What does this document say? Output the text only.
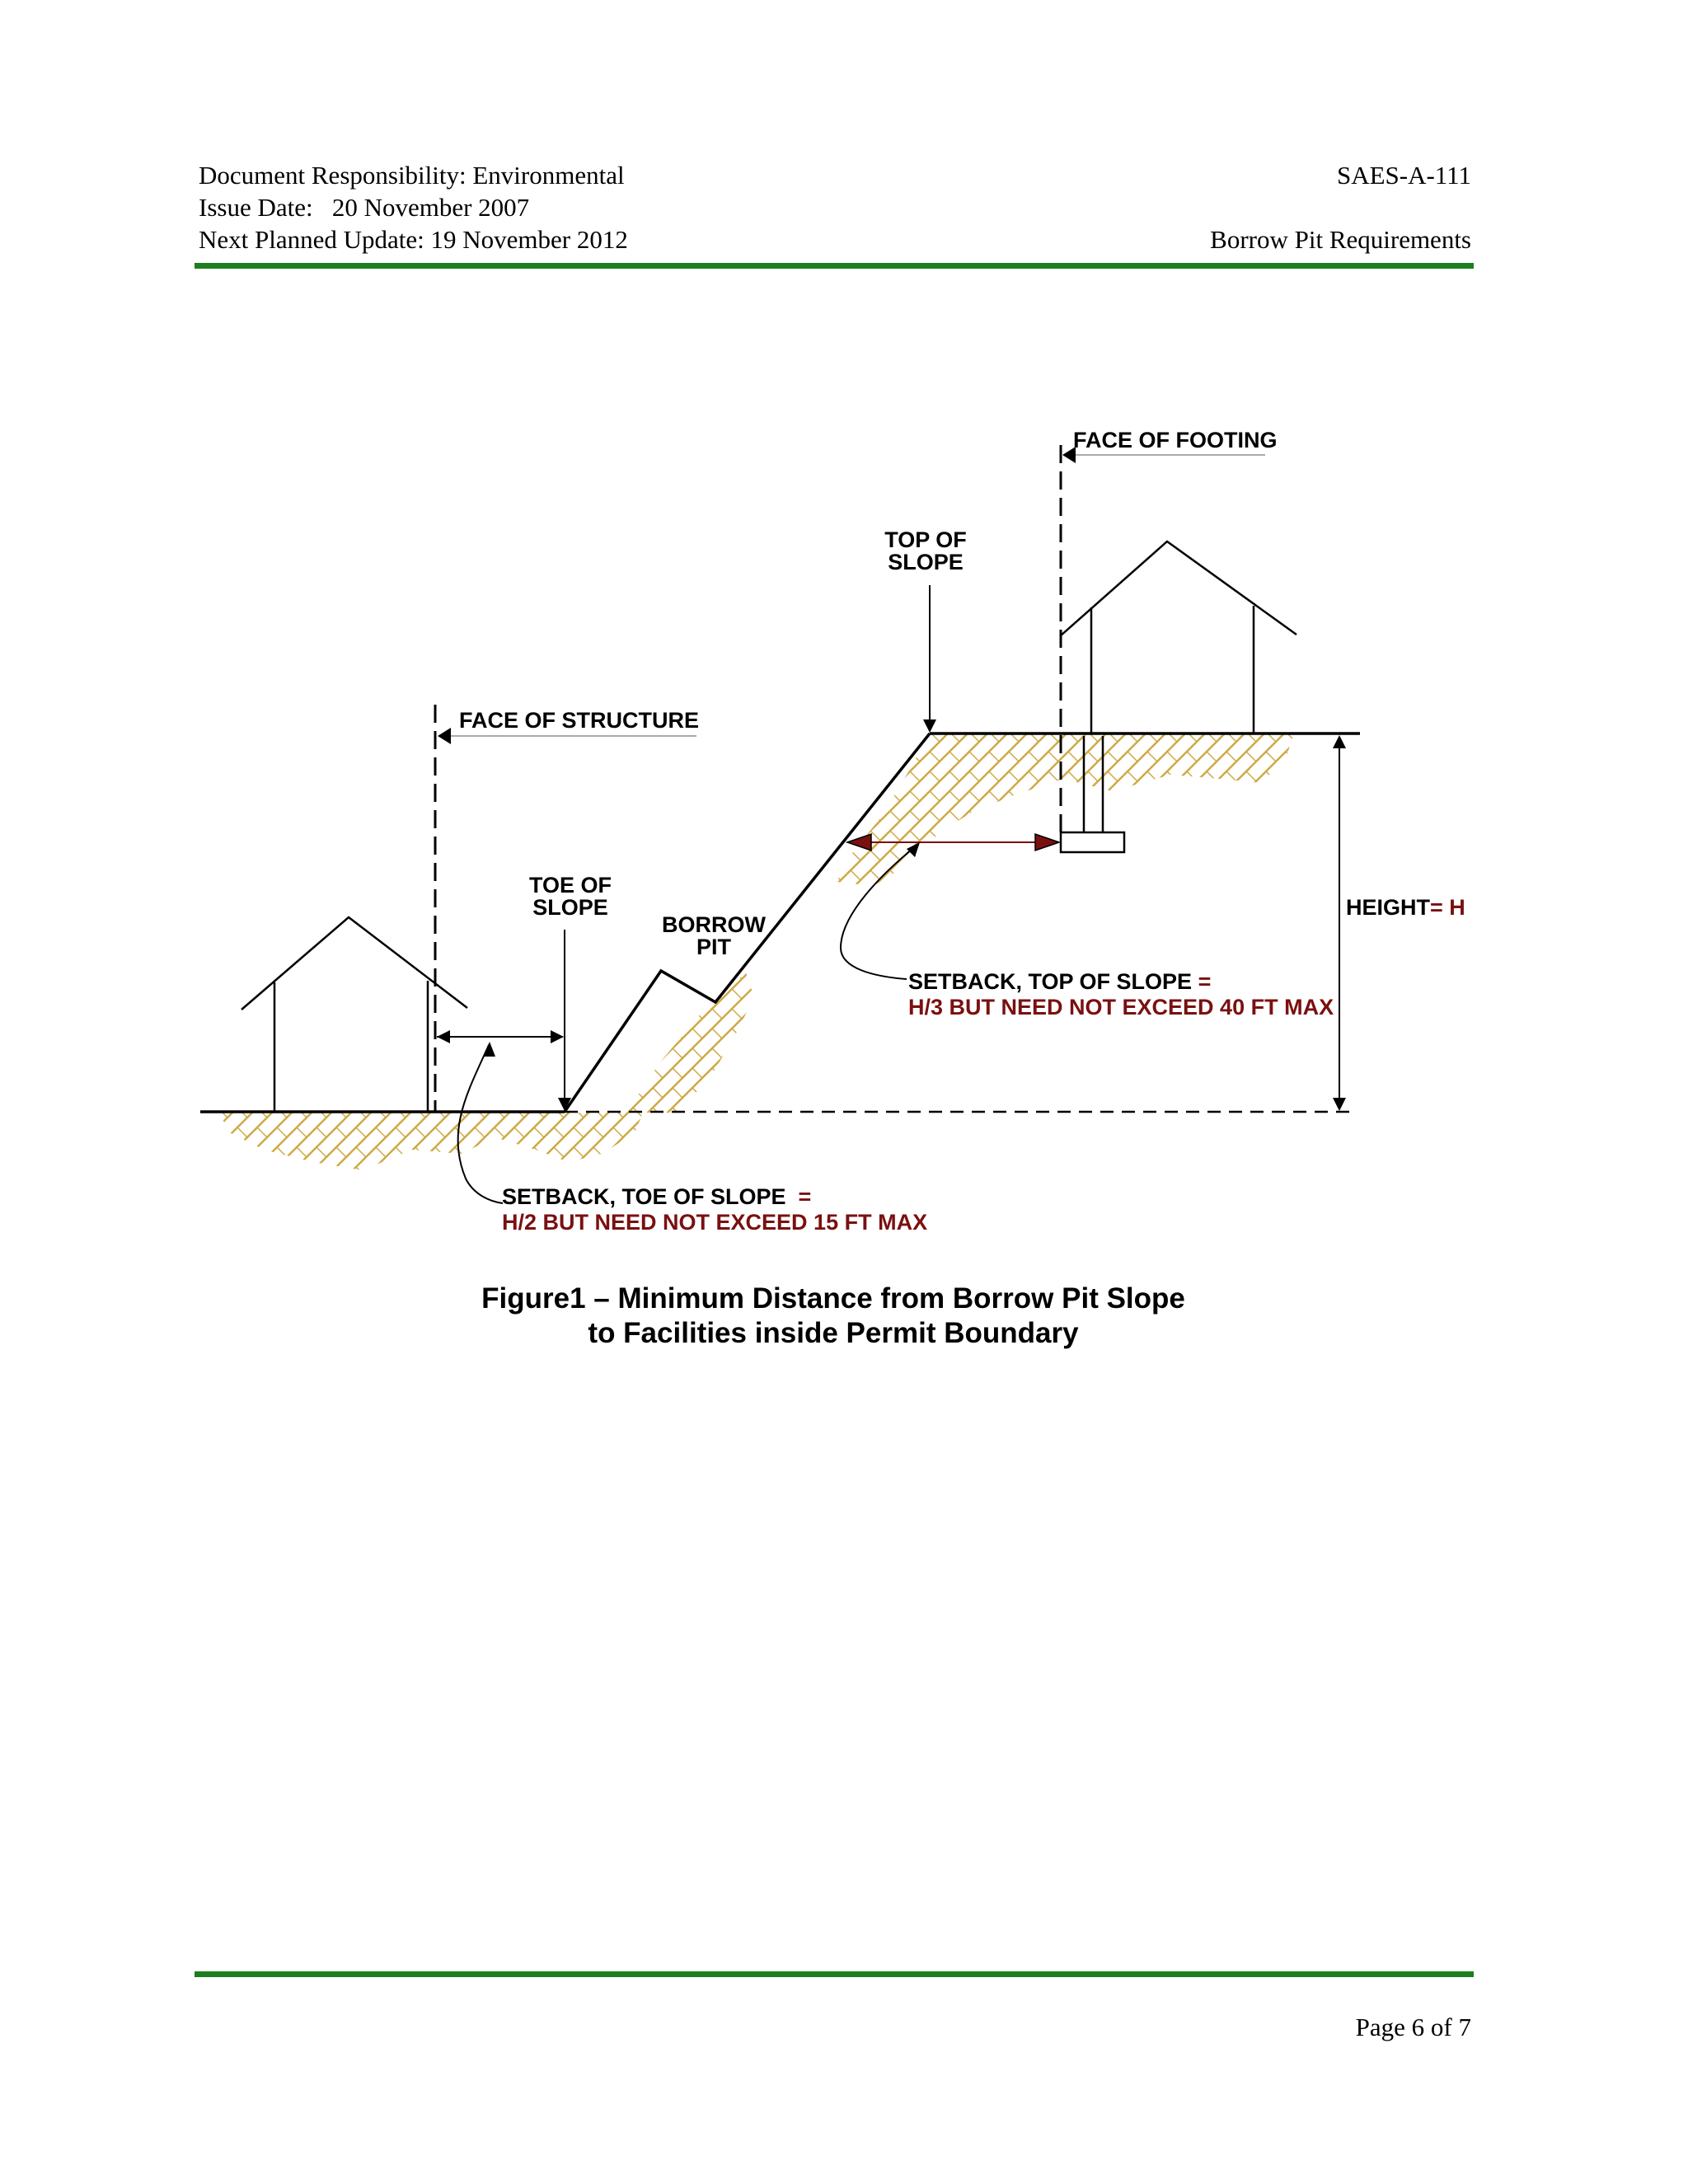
Document Responsibility: Environmental
Issue Date:   20 November 2007
Next Planned Update: 19 November 2012
SAES-A-111
Borrow Pit Requirements
FACE OF FOOTING
TOP OF
SLOPE
FACE OF STRUCTURE
TOE OF
SLOPE
BORROW
PIT
HEIGHT= H
SETBACK, TOP OF SLOPE =
H/3 BUT NEED NOT EXCEED 40 FT MAX
SETBACK, TOE OF SLOPE  =
H/2 BUT NEED NOT EXCEED 15 FT MAX
Figure1 – Minimum Distance from Borrow Pit Slope
to Facilities inside Permit Boundary
Page 6 of 7
